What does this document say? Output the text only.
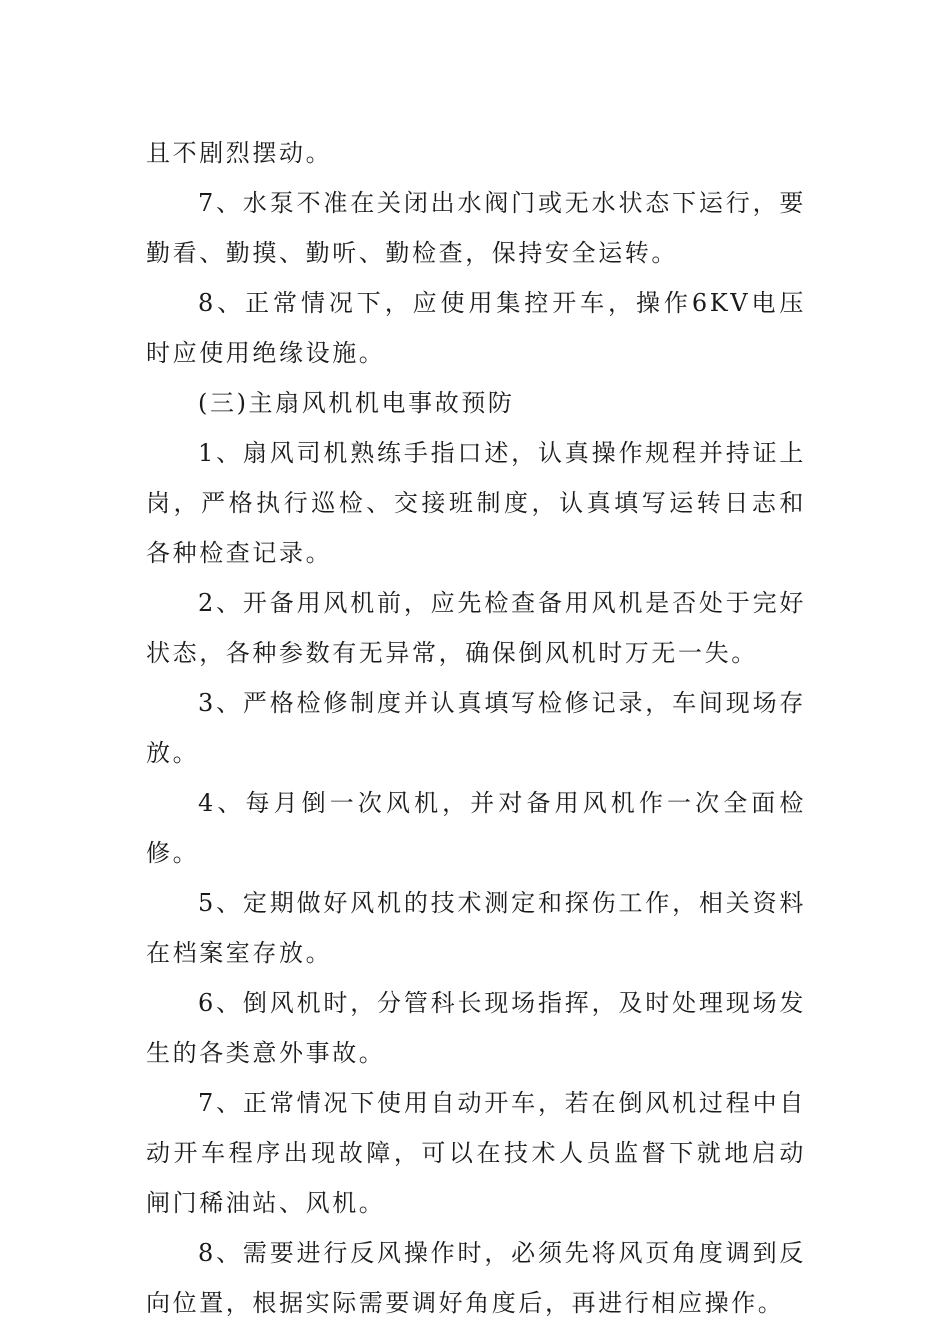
且不剧烈摆动。

7、水泵不准在关闭出水阀门或无水状态下运行，要勤看、勤摸、勤听、勤检查，保持安全运转。

8、正常情况下，应使用集控开车，操作6KV电压时应使用绝缘设施。

(三)主扇风机机电事故预防

1、扇风司机熟练手指口述，认真操作规程并持证上岗，严格执行巡检、交接班制度，认真填写运转日志和各种检查记录。

2、开备用风机前，应先检查备用风机是否处于完好状态，各种参数有无异常，确保倒风机时万无一失。

3、严格检修制度并认真填写检修记录，车间现场存放。

4、每月倒一次风机，并对备用风机作一次全面检修。

5、定期做好风机的技术测定和探伤工作，相关资料在档案室存放。

6、倒风机时，分管科长现场指挥，及时处理现场发生的各类意外事故。

7、正常情况下使用自动开车，若在倒风机过程中自动开车程序出现故障，可以在技术人员监督下就地启动闸门稀油站、风机。

8、需要进行反风操作时，必须先将风页角度调到反向位置，根据实际需要调好角度后，再进行相应操作。
